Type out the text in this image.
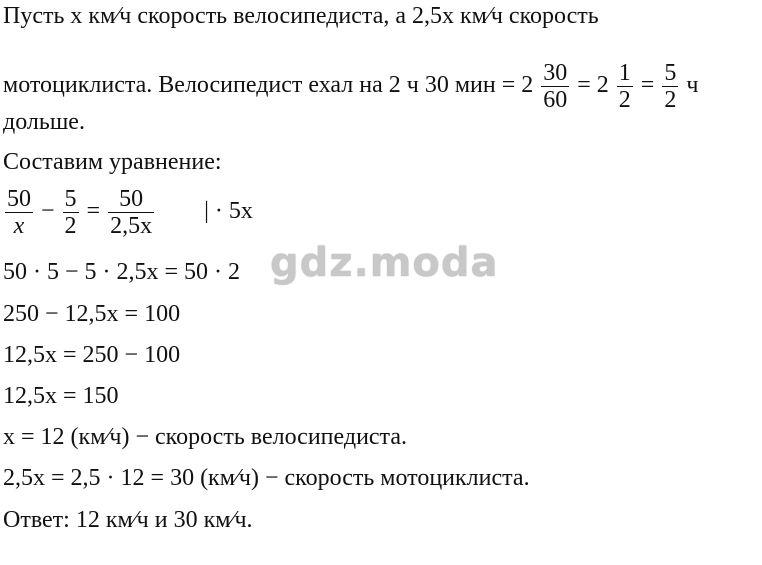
Пусть x км⁄ч скорость велосипедиста, а 2,5x км⁄ч скорость
мотоциклиста. Велосипедист ехал на 2 ч 30 мин = $2 \frac{30}{60} = 2 \frac{1}{2} = \frac{5}{2}$ ч
дольше.
Составим уравнение:
$\frac{50}{x} - \frac{5}{2} = \frac{50}{2,5x}$ | · 5x
50 · 5 − 5 · 2,5x = 50 · 2
250 − 12,5x = 100
12,5x = 250 − 100
12,5x = 150
x = 12 (км⁄ч) − скорость велосипедиста.
2,5x = 2,5 · 12 = 30 (км⁄ч) − скорость мотоциклиста.
Ответ: 12 км⁄ч и 30 км⁄ч.
gdz.moda
